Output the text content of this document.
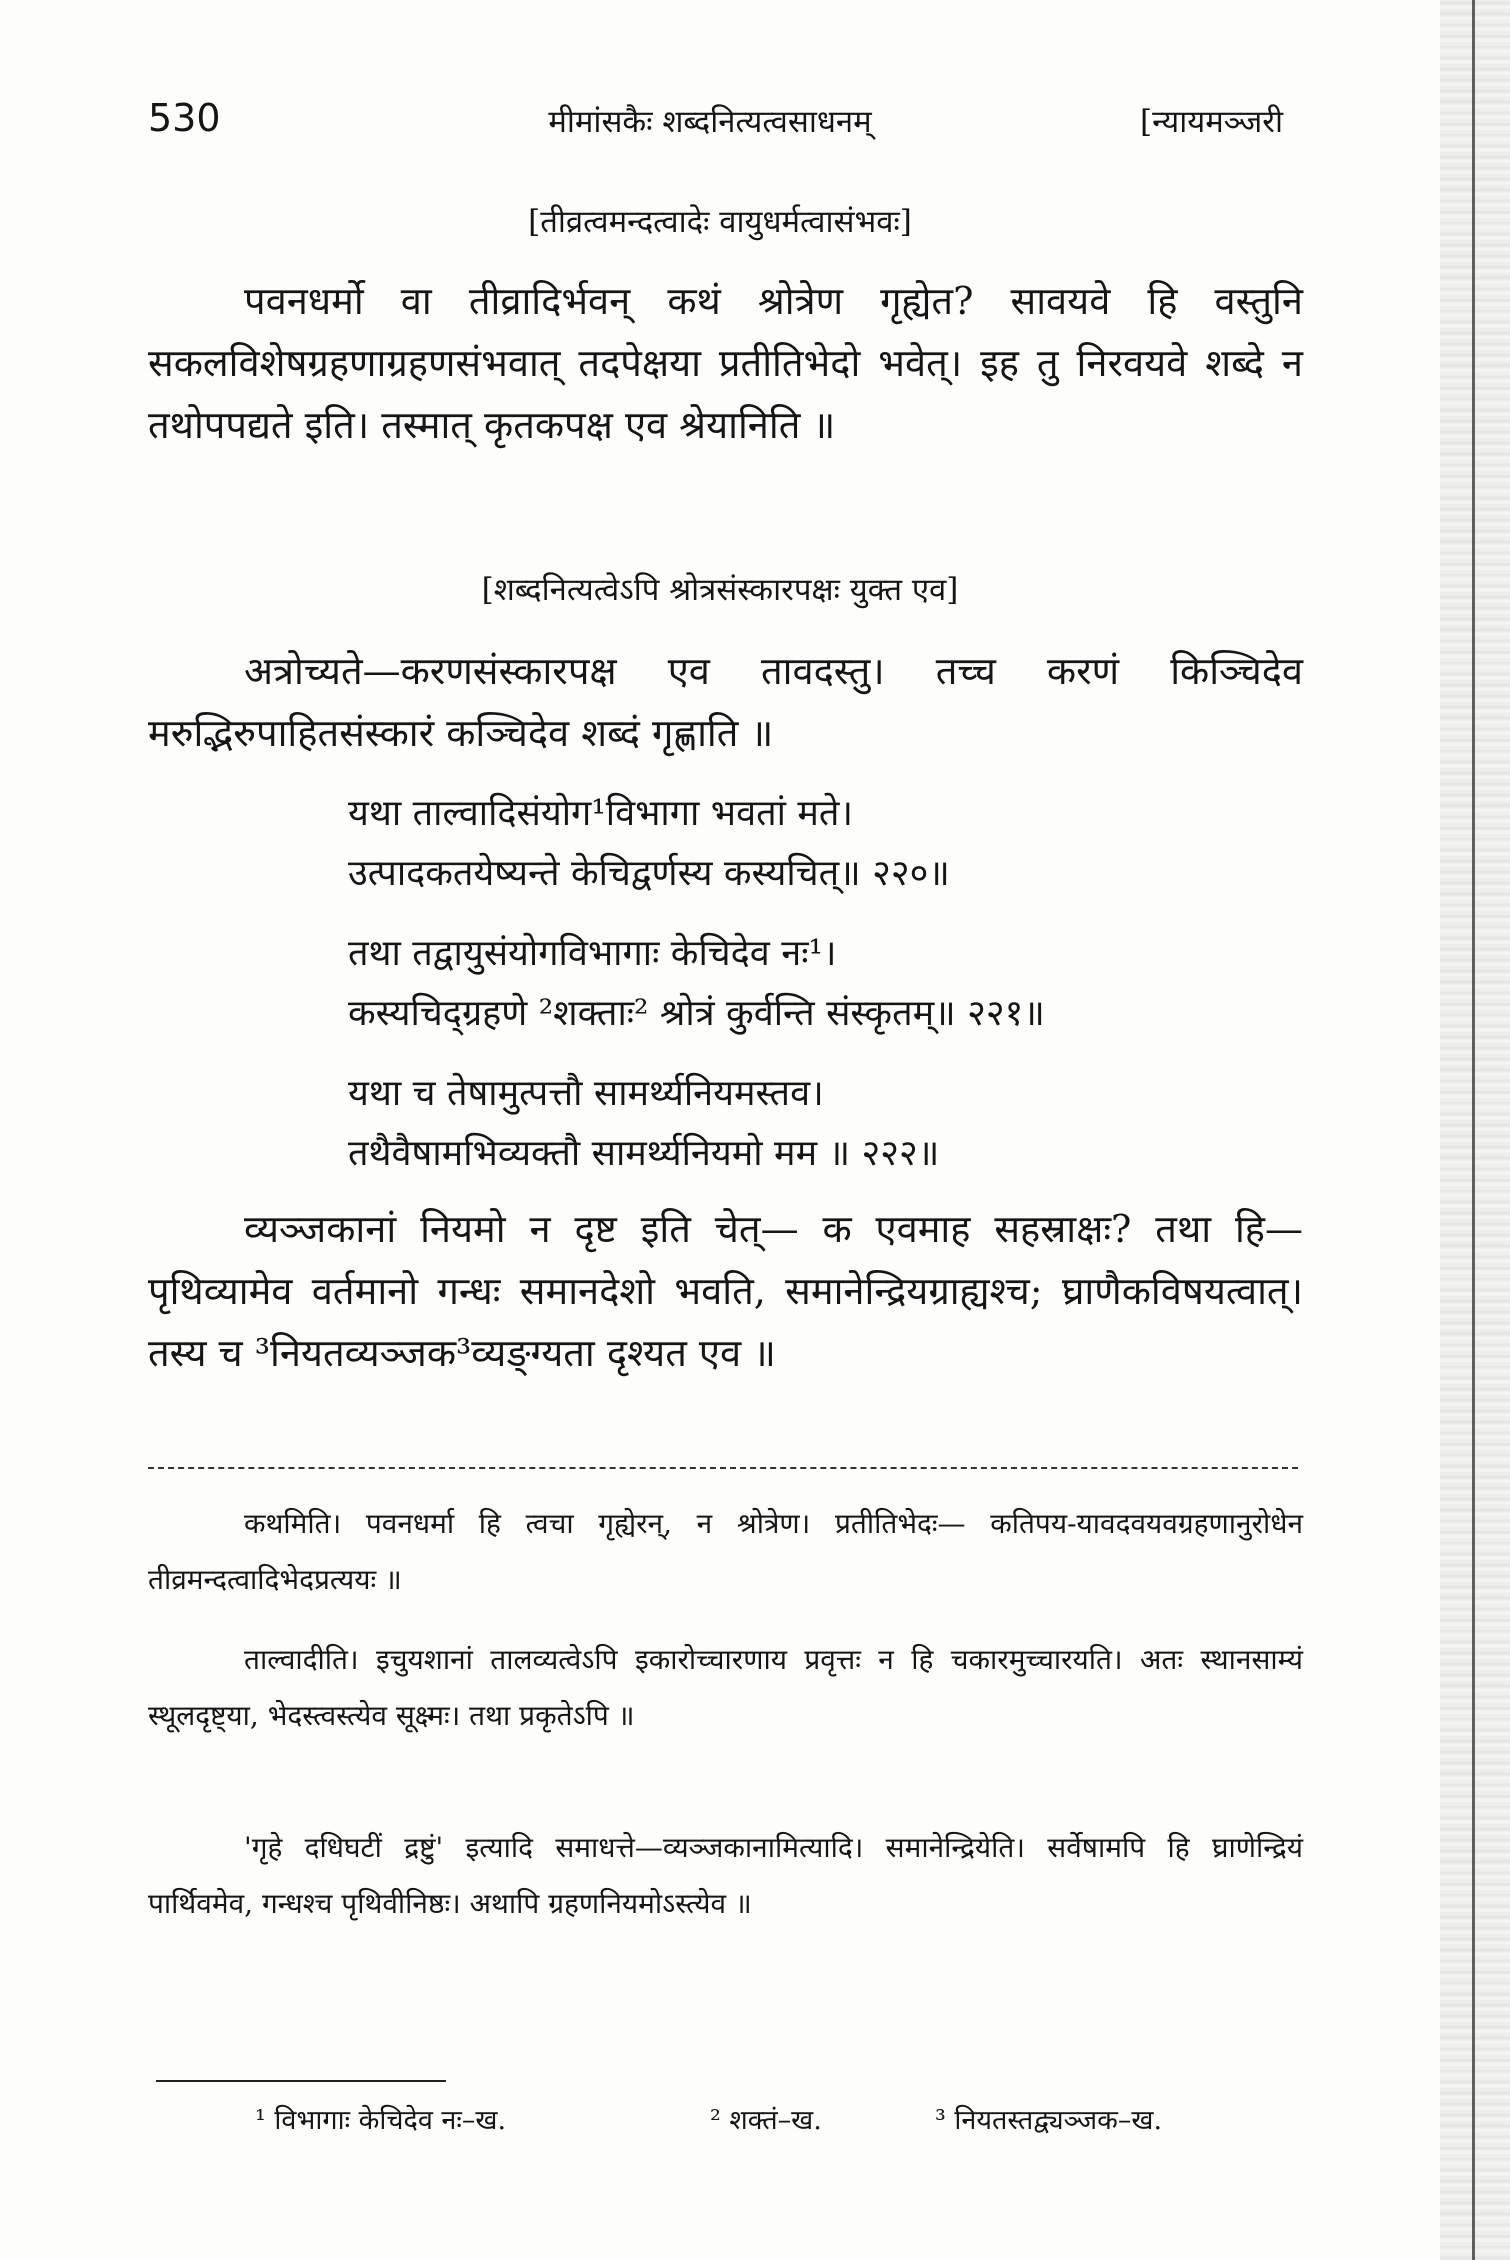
530	मीमांसकैः शब्दनित्यत्वसाधनम्	[न्यायमञ्जरी
[तीव्रत्वमन्दत्वादेः वायुधर्मत्वासंभवः]

पवनधर्मो वा तीव्रादिर्भवन् कथं श्रोत्रेण गृह्येत? सावयवे हि वस्तुनि सकलविशेषग्रहणाग्रहणसंभवात् तदपेक्षया प्रतीतिभेदो भवेत्। इह तु निरवयवे शब्दे न तथोपपद्यते इति। तस्मात् कृतकपक्ष एव श्रेयानिति ॥

[शब्दनित्यत्वेऽपि श्रोत्रसंस्कारपक्षः युक्त एव]

अत्रोच्यते—करणसंस्कारपक्ष एव तावदस्तु। तच्च करणं किञ्चिदेव मरुद्भिरुपाहितसंस्कारं कञ्चिदेव शब्दं गृह्णाति ॥

यथा ताल्वादिसंयोग¹विभागा भवतां मते।
उत्पादकतयेष्यन्ते केचिद्वर्णस्य कस्यचित्॥ २२०॥
तथा तद्वायुसंयोगविभागाः केचिदेव नः¹।
कस्यचिद्ग्रहणे ²शक्ताः² श्रोत्रं कुर्वन्ति संस्कृतम्॥ २२१॥
यथा च तेषामुत्पत्तौ सामर्थ्यनियमस्तव।
तथैवैषामभिव्यक्तौ सामर्थ्यनियमो मम ॥ २२२॥

व्यञ्जकानां नियमो न दृष्ट इति चेत्— क एवमाह सहस्राक्षः? तथा हि—पृथिव्यामेव वर्तमानो गन्धः समानदेशो भवति, समानेन्द्रियग्राह्यश्च; घ्राणैकविषयत्वात्। तस्य च ³नियतव्यञ्जक³व्यङ्ग्यता दृश्यत एव ॥

कथमिति। पवनधर्मा हि त्वचा गृह्येरन्, न श्रोत्रेण। प्रतीतिभेदः— कतिपय-यावदवयवग्रहणानुरोधेन तीव्रमन्दत्वादिभेदप्रत्ययः ॥

ताल्वादीति। इचुयशानां तालव्यत्वेऽपि इकारोच्चारणाय प्रवृत्तः न हि चकारमुच्चारयति। अतः स्थानसाम्यं स्थूलदृष्ट्या, भेदस्त्वस्त्येव सूक्ष्मः। तथा प्रकृतेऽपि ॥

'गृहे दधिघटीं द्रष्टुं' इत्यादि समाधत्ते—व्यञ्जकानामित्यादि। समानेन्द्रियेति। सर्वेषामपि हि घ्राणेन्द्रियं पार्थिवमेव, गन्धश्च पृथिवीनिष्ठः। अथापि ग्रहणनियमोऽस्त्येव ॥

¹ विभागाः केचिदेव नः–ख.	² शक्तं–ख.	³ नियतस्तद्व्यञ्जक–ख.
